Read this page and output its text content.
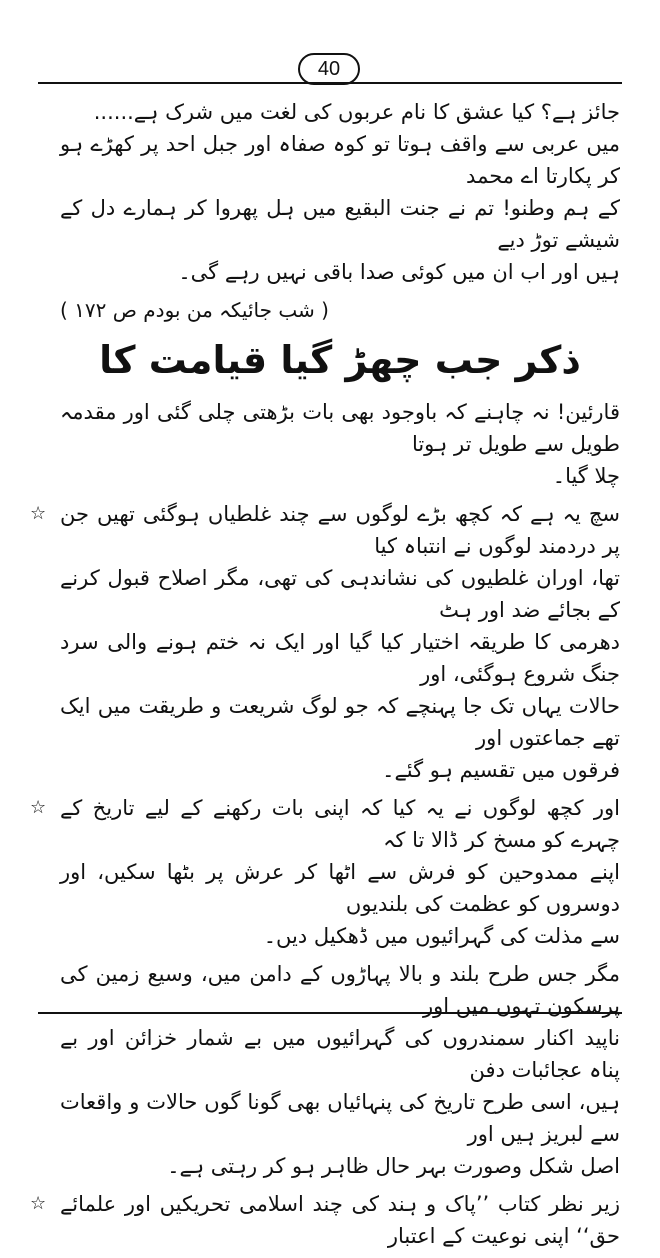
40

جائز ہے؟ کیا عشق کا نام عربوں کی لغت میں شرک ہے......

میں عربی سے واقف ہوتا تو کوہ صفاہ اور جبل احد پر کھڑے ہو کر پکارتا اے محمد

کے ہم وطنو! تم نے جنت البقیع میں ہل پھروا کر ہمارے دل کے شیشے توڑ دیے

ہیں اور اب ان میں کوئی صدا باقی نہیں رہے گی۔

( شب جائیکہ من بودم ص ۱۷۲ )

ذکر جب چھڑ گیا قیامت کا

قارئین! نہ چاہنے کہ باوجود بھی بات بڑھتی چلی گئی اور مقدمہ طویل سے طویل تر ہوتا

چلا گیا۔

☆ سچ یہ ہے کہ کچھ بڑے لوگوں سے چند غلطیاں ہوگئی تھیں جن پر دردمند لوگوں نے انتباہ کیا

تھا، اوران غلطیوں کی نشاندہی کی تھی، مگر اصلاح قبول کرنے کے بجائے ضد اور ہٹ

دھرمی کا طریقہ اختیار کیا گیا اور ایک نہ ختم ہونے والی سرد جنگ شروع ہوگئی، اور

حالات یہاں تک جا پہنچے کہ جو لوگ شریعت و طریقت میں ایک تھے جماعتوں اور

فرقوں میں تقسیم ہو گئے۔

☆ اور کچھ لوگوں نے یہ کیا کہ اپنی بات رکھنے کے لیے تاریخ کے چہرے کو مسخ کر ڈالا تا کہ

اپنے ممدوحین کو فرش سے اٹھا کر عرش پر بٹھا سکیں، اور دوسروں کو عظمت کی بلندیوں

سے مذلت کی گہرائیوں میں ڈھکیل دیں۔

مگر جس طرح بلند و بالا پہاڑوں کے دامن میں، وسیع زمین کی پرسکون تہوں میں اور

ناپید اکنار سمندروں کی گہرائیوں میں بے شمار خزائن اور بے پناہ عجائبات دفن

ہیں، اسی طرح تاریخ کی پنہائیاں بھی گونا گوں حالات و واقعات سے لبریز ہیں اور

اصل شکل وصورت بہر حال ظاہر ہو کر رہتی ہے۔

☆ زیر نظر کتاب ’’پاک و ہند کی چند اسلامی تحریکیں اور علمائے حق‘‘ اپنی نوعیت کے اعتبار
